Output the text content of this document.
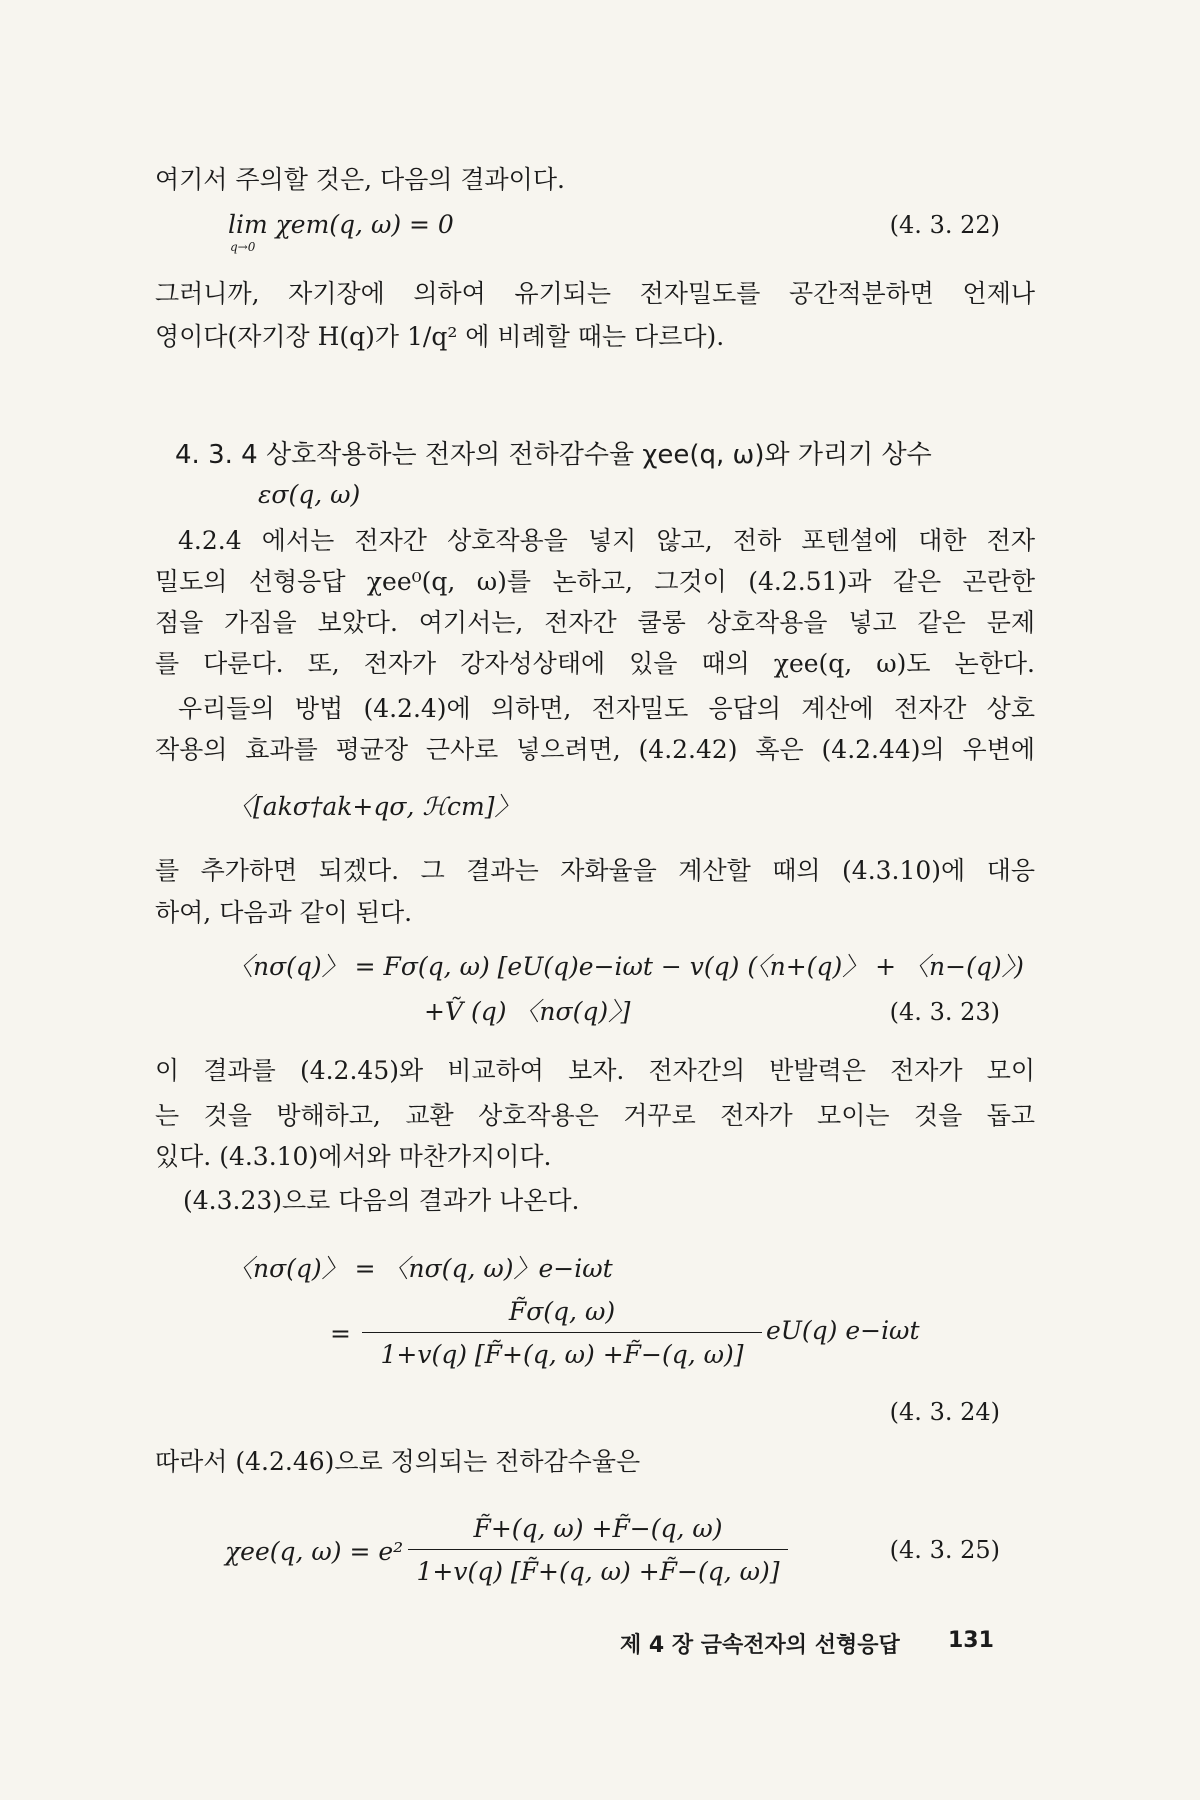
여기서 주의할 것은, 다음의 결과이다.
lim χem(q, ω) = 0
q→0
(4. 3. 22)
그러니까, 자기장에 의하여 유기되는 전자밀도를 공간적분하면 언제나
영이다(자기장 H(q)가 1/q² 에 비례할 때는 다르다).
4. 3. 4 상호작용하는 전자의 전하감수율 χee(q, ω)와 가리기 상수
εσ(q, ω)
4.2.4 에서는 전자간 상호작용을 넣지 않고, 전하 포텐셜에 대한 전자
밀도의 선형응답 χee⁰(q, ω)를 논하고, 그것이 (4.2.51)과 같은 곤란한
점을 가짐을 보았다. 여기서는, 전자간 쿨롱 상호작용을 넣고 같은 문제
를 다룬다. 또, 전자가 강자성상태에 있을 때의 χee(q, ω)도 논한다.
우리들의 방법 (4.2.4)에 의하면, 전자밀도 응답의 계산에 전자간 상호
작용의 효과를 평균장 근사로 넣으려면, (4.2.42) 혹은 (4.2.44)의 우변에
〈[akσ†ak+qσ, ℋcm]〉
를 추가하면 되겠다. 그 결과는 자화율을 계산할 때의 (4.3.10)에 대응
하여, 다음과 같이 된다.
〈nσ(q)〉 = Fσ(q, ω) [eU(q)e−iωt − v(q) (〈n+(q)〉 + 〈n−(q)〉)
+Ṽ (q) 〈nσ(q)〉]	(4. 3. 23)
이 결과를 (4.2.45)와 비교하여 보자. 전자간의 반발력은 전자가 모이
는 것을 방해하고, 교환 상호작용은 거꾸로 전자가 모이는 것을 돕고
있다. (4.3.10)에서와 마찬가지이다.
(4.3.23)으로 다음의 결과가 나온다.
〈nσ(q)〉 = 〈nσ(q, ω)〉e−iωt
=
F̃σ(q, ω)
1+v(q) [F̃+(q, ω) +F̃−(q, ω)]
eU(q) e−iωt
(4. 3. 24)
따라서 (4.2.46)으로 정의되는 전하감수율은
χee(q, ω) = e²
F̃+(q, ω) +F̃−(q, ω)
1+v(q) [F̃+(q, ω) +F̃−(q, ω)]
(4. 3. 25)
제 4 장 금속전자의 선형응답 131
